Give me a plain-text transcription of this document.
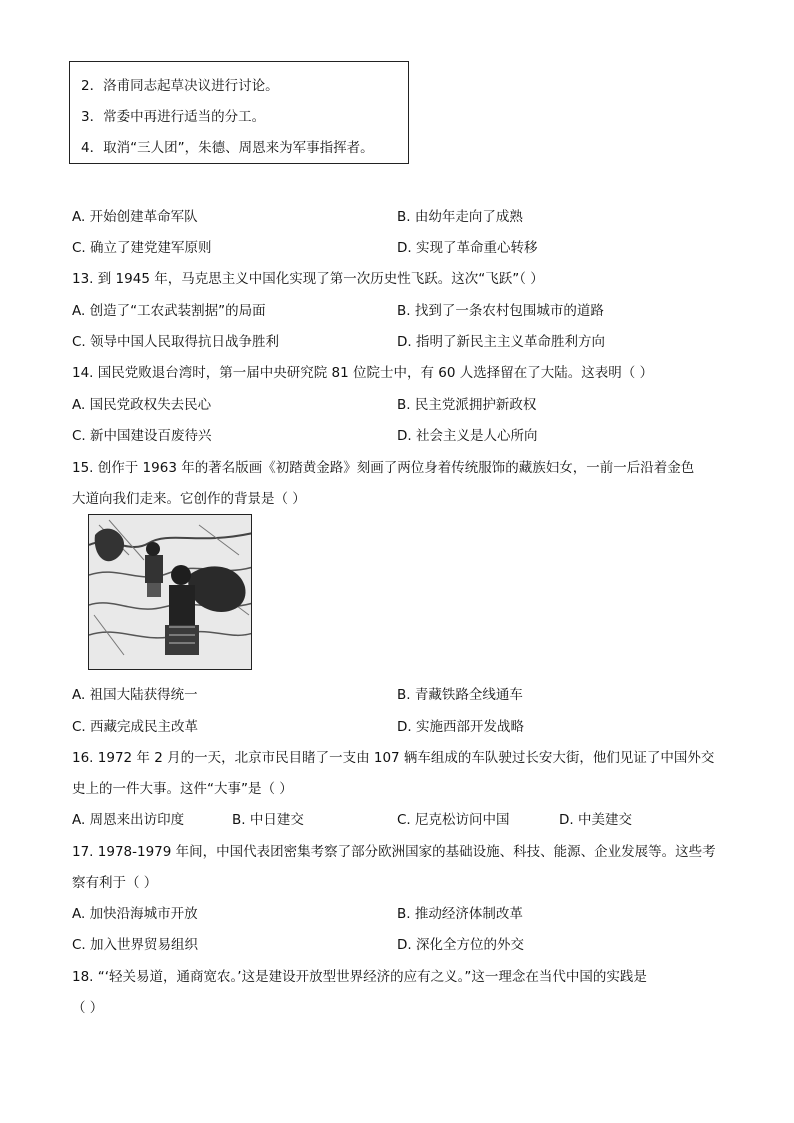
2．洛甫同志起草决议进行讨论。
3．常委中再进行适当的分工。
4．取消“三人团”，朱德、周恩来为军事指挥者。
A. 开始创建革命军队	B. 由幼年走向了成熟
C. 确立了建党建军原则	D. 实现了革命重心转移
13. 到 1945 年，马克思主义中国化实现了第一次历史性飞跃。这次“飞跃”（ ）
A. 创造了“工农武装割据”的局面	B. 找到了一条农村包围城市的道路
C. 领导中国人民取得抗日战争胜利	D. 指明了新民主主义革命胜利方向
14. 国民党败退台湾时，第一届中央研究院 81 位院士中，有 60 人选择留在了大陆。这表明（ ）
A. 国民党政权失去民心	B. 民主党派拥护新政权
C. 新中国建设百废待兴	D. 社会主义是人心所向
15. 创作于 1963 年的著名版画《初踏黄金路》刻画了两位身着传统服饰的藏族妇女，一前一后沿着金色
大道向我们走来。它创作的背景是（ ）
A. 祖国大陆获得统一	B. 青藏铁路全线通车
C. 西藏完成民主改革	D. 实施西部开发战略
16. 1972 年 2 月的一天，北京市民目睹了一支由 107 辆车组成的车队驶过长安大街，他们见证了中国外交
史上的一件大事。这件“大事”是（ ）
A. 周恩来出访印度	B. 中日建交	C. 尼克松访问中国	D. 中美建交
17. 1978-1979 年间，中国代表团密集考察了部分欧洲国家的基础设施、科技、能源、企业发展等。这些考
察有利于（ ）
A. 加快沿海城市开放	B. 推动经济体制改革
C. 加入世界贸易组织	D. 深化全方位的外交
18. “‘轻关易道，通商宽农。’这是建设开放型世界经济的应有之义。”这一理念在当代中国的实践是
（ ）
